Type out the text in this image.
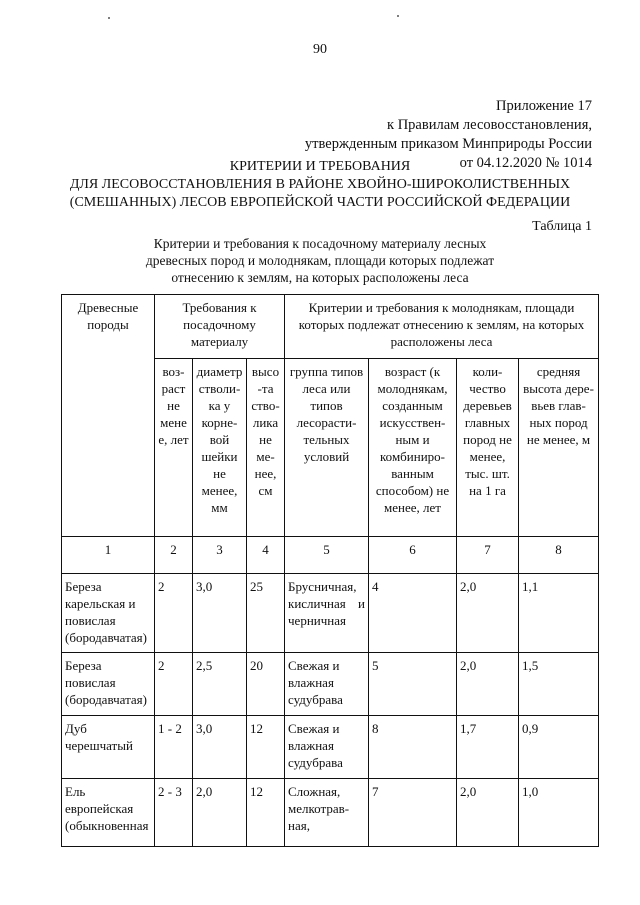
90
Приложение 17
к Правилам лесовосстановления,
утвержденным приказом Минприроды России
от 04.12.2020 № 1014
КРИТЕРИИ И ТРЕБОВАНИЯ
ДЛЯ ЛЕСОВОССТАНОВЛЕНИЯ В РАЙОНЕ ХВОЙНО-ШИРОКОЛИСТВЕННЫХ
(СМЕШАННЫХ) ЛЕСОВ ЕВРОПЕЙСКОЙ ЧАСТИ РОССИЙСКОЙ ФЕДЕРАЦИИ
Таблица 1
Критерии и требования к посадочному материалу лесных
древесных пород и молоднякам, площади которых подлежат
отнесению к землям, на которых расположены леса
Древесные породы	Требования к посадочному материалу			Критерии и требования к молоднякам, площади которых подлежат отнесению к землям, на которых расположены леса			
	воз-раст не менее, лет	диаметр стволи-ка у корне-вой шейки не менее, мм	высо-та ство-лика не ме-нее, см	группа типов леса или типов лесорасти-тельных условий	возраст (к молоднякам, созданным искусствен-ным и комбиниро-ванным способом) не менее, лет	коли-чество деревьев главных пород не менее, тыс. шт. на 1 га	средняя высота дере-вьев глав-ных пород не менее, м
1	2	3	4	5	6	7	8
Береза карельская и повислая (бородавчатая)	2	3,0	25	Брусничная, кисличная и черничная	4	2,0	1,1
Береза повислая (бородавчатая)	2	2,5	20	Свежая и влажная судубрава	5	2,0	1,5
Дуб черешчатый	1 - 2	3,0	12	Свежая и влажная судубрава	8	1,7	0,9
Ель европейская (обыкновенная	2 - 3	2,0	12	Сложная, мелкотрав-ная,	7	2,0	1,0
